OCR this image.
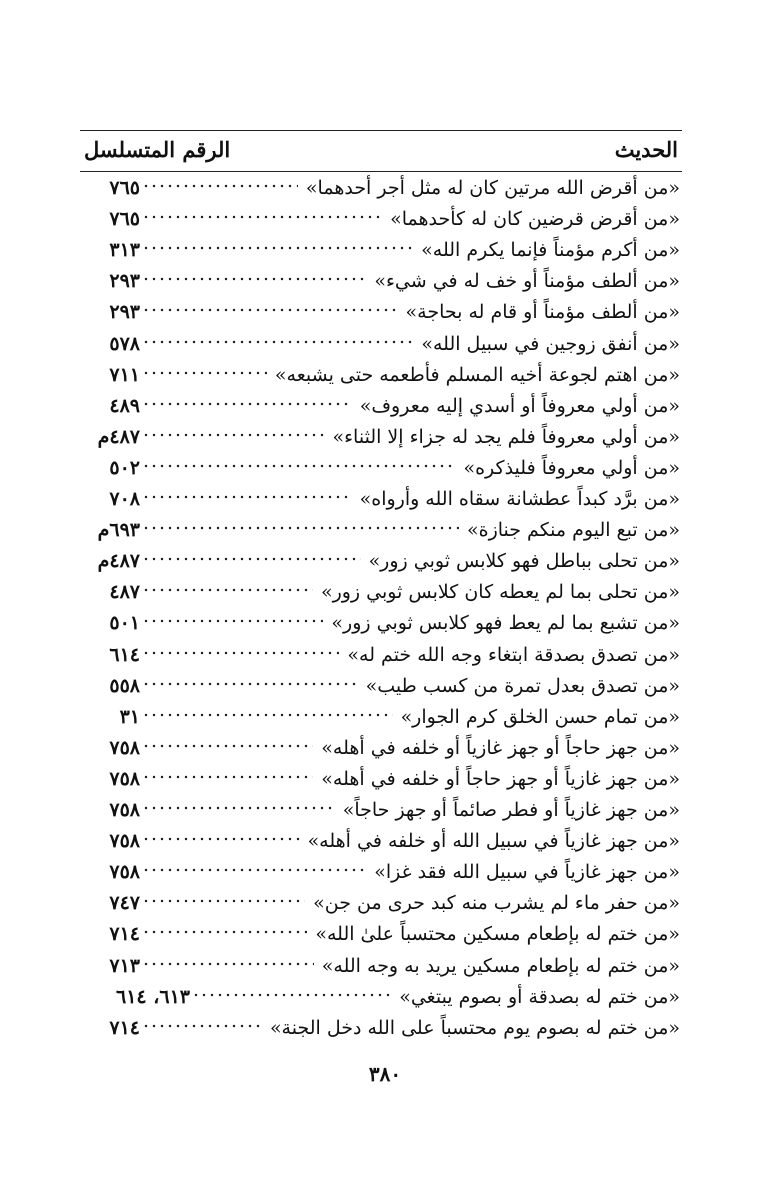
الحديث
الرقم المتسلسل
«من أقرض الله مرتين كان له مثل أجر أحدهما»
٧٦٥
«من أقرض قرضين كان له كأحدهما»
٧٦٥
«من أكرم مؤمناً فإنما يكرم الله»
٣١٣
«من ألطف مؤمناً أو خف له في شيء»
٢٩٣
«من ألطف مؤمناً أو قام له بحاجة»
٢٩٣
«من أنفق زوجين في سبيل الله»
٥٧٨
«من اهتم لجوعة أخيه المسلم فأطعمه حتى يشبعه»
٧١١
«من أولي معروفاً أو أسدي إليه معروف»
٤٨٩
«من أولي معروفاً فلم يجد له جزاء إلا الثناء»
٤٨٧م
«من أولي معروفاً فليذكره»
٥٠٢
«من برَّد كبداً عطشانة سقاه الله وأرواه»
٧٠٨
«من تبع اليوم منكم جنازة»
٦٩٣م
«من تحلى بباطل فهو كلابس ثوبي زور»
٤٨٧م
«من تحلى بما لم يعطه كان كلابس ثوبي زور»
٤٨٧
«من تشبع بما لم يعط فهو كلابس ثوبي زور»
٥٠١
«من تصدق بصدقة ابتغاء وجه الله ختم له»
٦١٤
«من تصدق بعدل تمرة من كسب طيب»
٥٥٨
«من تمام حسن الخلق كرم الجوار»
٣١
«من جهز حاجاً أو جهز غازياً أو خلفه في أهله»
٧٥٨
«من جهز غازياً أو جهز حاجاً أو خلفه في أهله»
٧٥٨
«من جهز غازياً أو فطر صائماً أو جهز حاجاً»
٧٥٨
«من جهز غازياً في سبيل الله أو خلفه في أهله»
٧٥٨
«من جهز غازياً في سبيل الله فقد غزا»
٧٥٨
«من حفر ماء لم يشرب منه كبد حرى من جن»
٧٤٧
«من ختم له بإطعام مسكين محتسباً علىٰ الله»
٧١٤
«من ختم له بإطعام مسكين يريد به وجه الله»
٧١٣
«من ختم له بصدقة أو بصوم يبتغي»
٦١٣، ٦١٤
«من ختم له بصوم يوم محتسباً على الله دخل الجنة»
٧١٤
٣٨٠
